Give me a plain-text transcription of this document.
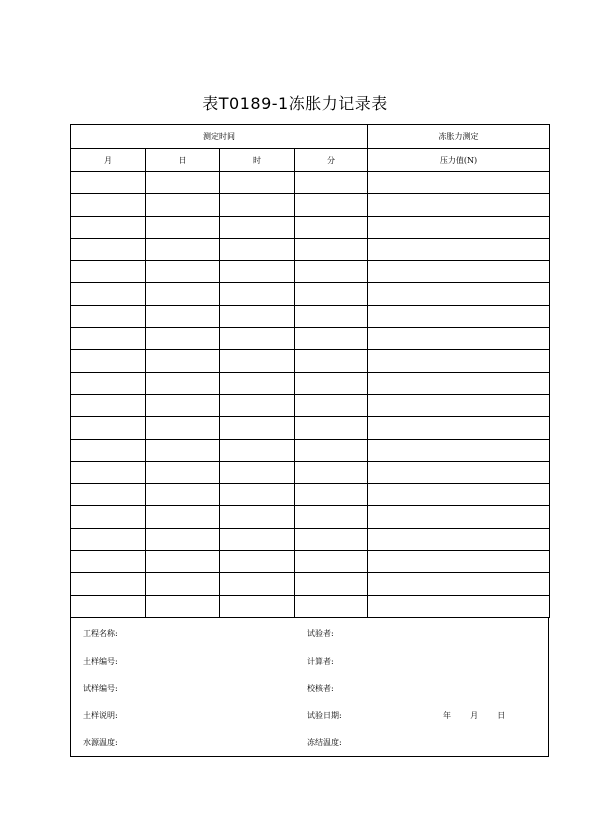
表T0189-1冻胀力记录表
测定时间				冻胀力测定
月	日	时	分	压力值(N)

工程名称:	试验者:
土样编号:	计算者:
试样编号:	校核者:
土样说明:	试验日期:	年 月 日
水源温度:	冻结温度:
